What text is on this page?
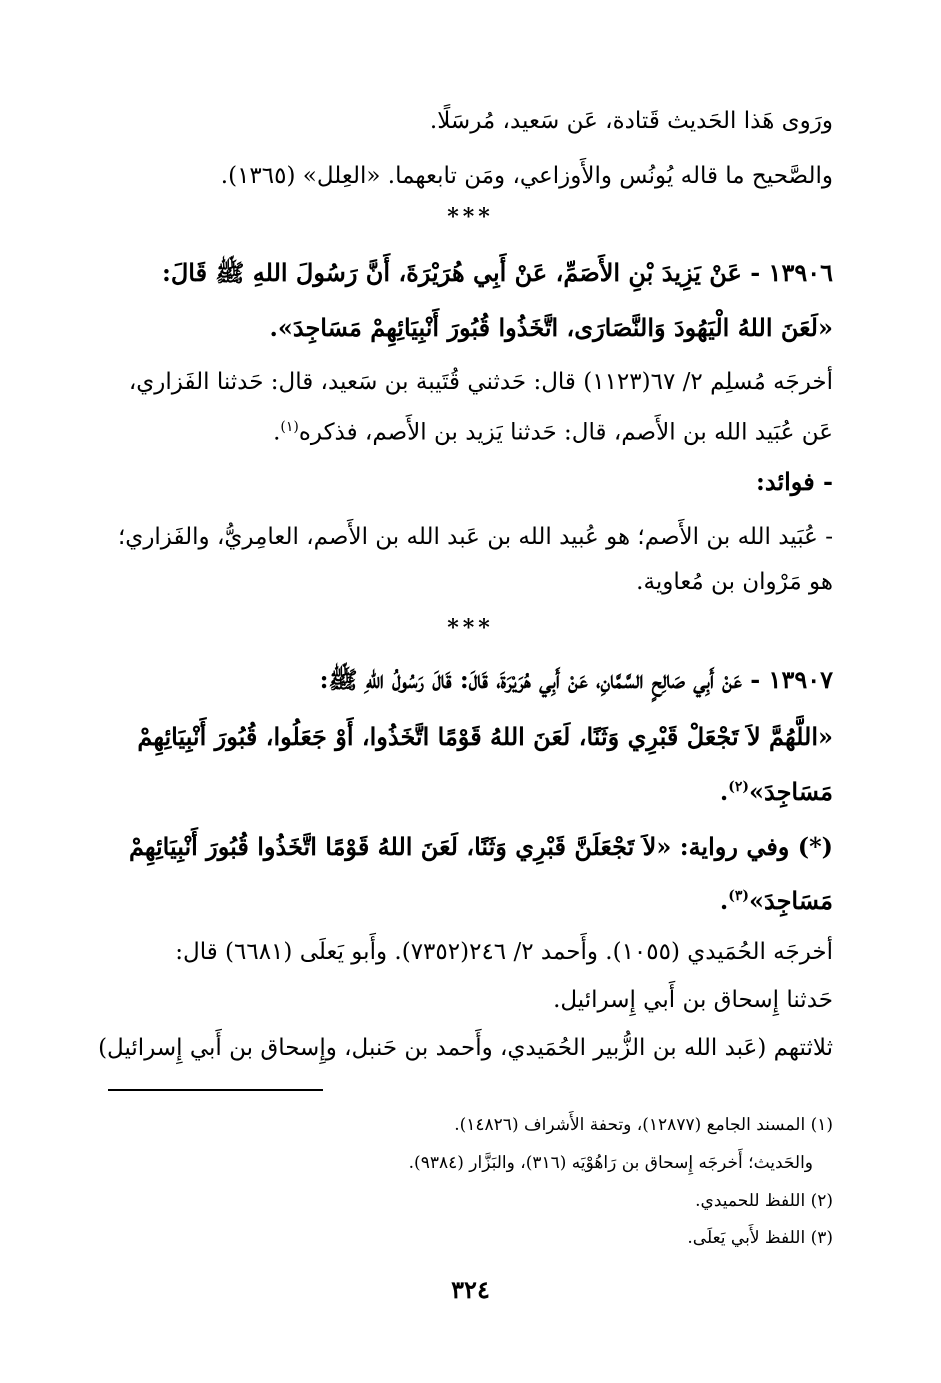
ورَوى هَذا الحَديث قَتادة، عَن سَعيد، مُرسَلًا.
والصَّحيح ما قاله يُونُس والأَوزاعي، ومَن تابعهما. «العِلل» (١٣٦٥).
***
١٣٩٠٦ - عَنْ يَزِيدَ بْنِ الأَصَمِّ، عَنْ أَبِي هُرَيْرَةَ، أَنَّ رَسُولَ اللهِ ﷺ قَالَ:
«لَعَنَ اللهُ الْيَهُودَ وَالنَّصَارَى، اتَّخَذُوا قُبُورَ أَنْبِيَائِهِمْ مَسَاجِدَ».
أخرجَه مُسلِم ٢/ ٦٧(١١٢٣) قال: حَدثني قُتَيبة بن سَعيد، قال: حَدثنا الفَزاري،
عَن عُبَيد الله بن الأَصم، قال: حَدثنا يَزيد بن الأَصم، فذكره$^{(١)}$.
- فوائد:
- عُبَيد الله بن الأَصم؛ هو عُبيد الله بن عَبد الله بن الأَصم، العامِريُّ، والفَزاري؛
هو مَرْوان بن مُعاوية.
***
١٣٩٠٧ - عَنْ أَبِي صَالِحٍ السَّمَّانِ، عَنْ أَبِي هُرَيْرَةَ، قَالَ: قَالَ رَسُولُ اللهِ ﷺ:
«اللَّهُمَّ لاَ تَجْعَلْ قَبْرِي وَثَنًا، لَعَنَ اللهُ قَوْمًا اتَّخَذُوا، أَوْ جَعَلُوا، قُبُورَ أَنْبِيَائِهِمْ
مَسَاجِدَ»$^{(٢)}$.
(*) وفي رواية: «لاَ تَجْعَلَنَّ قَبْرِي وَثَنًا، لَعَنَ اللهُ قَوْمًا اتَّخَذُوا قُبُورَ أَنْبِيَائِهِمْ
مَسَاجِدَ»$^{(٣)}$.
أخرجَه الحُمَيدي (١٠٥٥). وأَحمد ٢/ ٢٤٦(٧٣٥٢). وأَبو يَعلَى (٦٦٨١) قال:
حَدثنا إِسحاق بن أَبي إِسرائيل.
ثلاثتهم (عَبد الله بن الزُّبير الحُمَيدي، وأَحمد بن حَنبل، وإِسحاق بن أَبي إِسرائيل)
(١) المسند الجامع (١٢٨٧٧)، وتحفة الأَشراف (١٤٨٢٦).
والحَديث؛ أَخرجَه إِسحاق بن رَاهُوْيَه (٣١٦)، والبَزَّار (٩٣٨٤).
(٢) اللفظ للحميدي.
(٣) اللفظ لأَبي يَعلَى.
٣٢٤
